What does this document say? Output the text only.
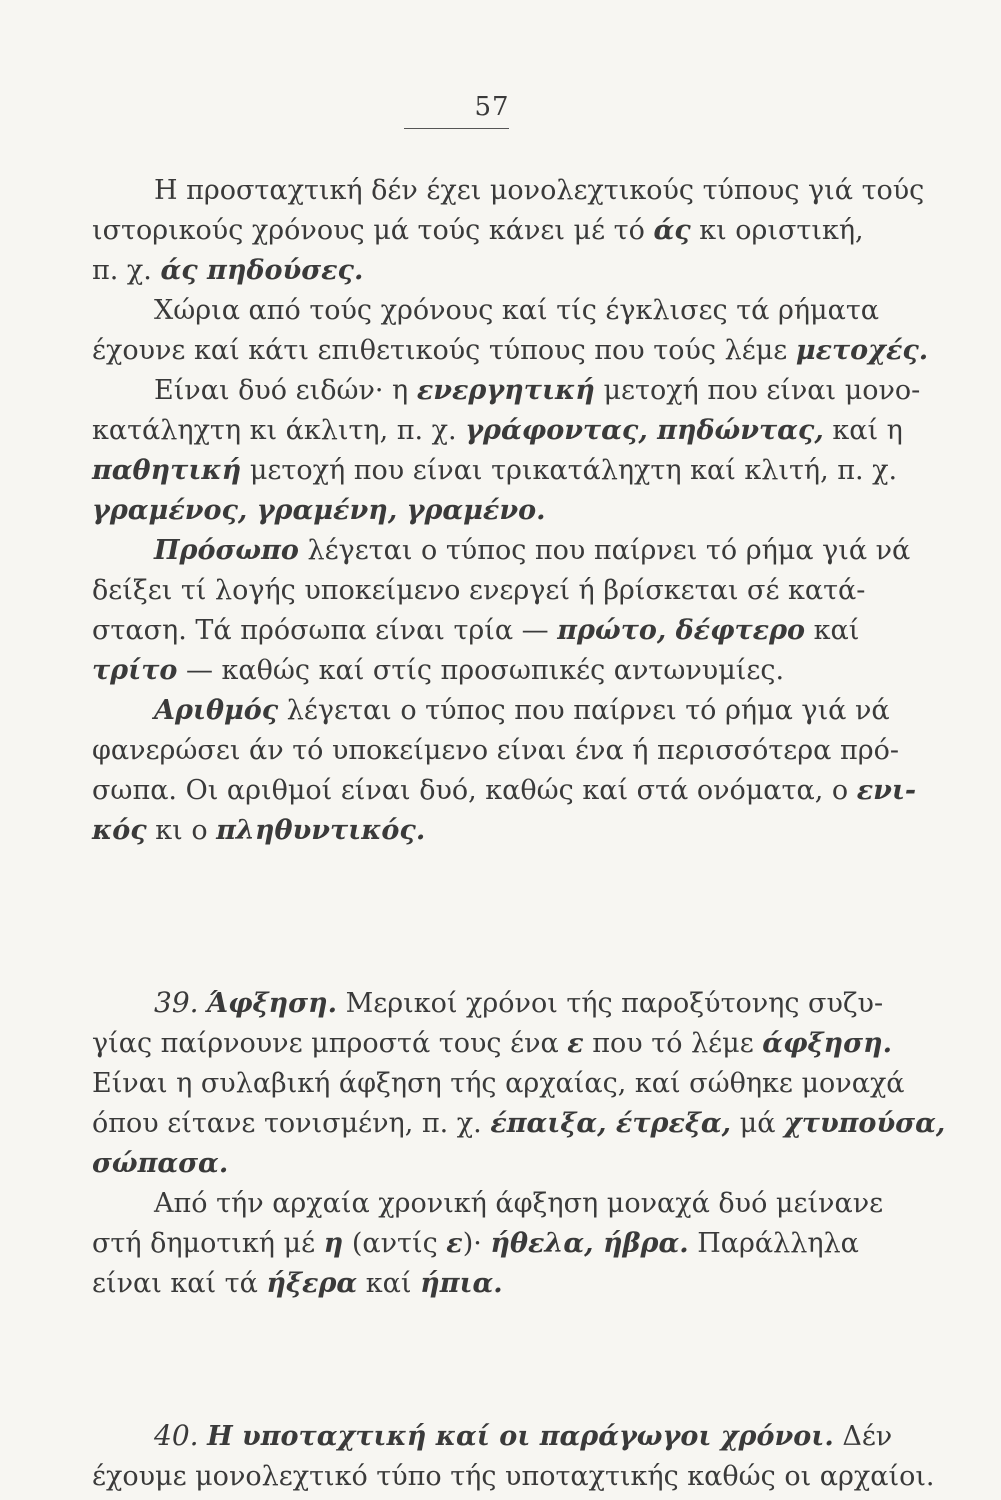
57
Η προσταχτική δέν έχει μονολεχτικούς τύπους γιά τούς
ιστορικούς χρόνους μά τούς κάνει μέ τό άς κι οριστική,
π. χ. άς πηδούσες.
Χώρια από τούς χρόνους καί τίς έγκλισες τά ρήματα
έχουνε καί κάτι επιθετικούς τύπους που τούς λέμε μετοχές.
Είναι δυό ειδών· η ενεργητική μετοχή που είναι μονο-
κατάληχτη κι άκλιτη, π. χ. γράφοντας, πηδώντας, καί η
παθητική μετοχή που είναι τρικατάληχτη καί κλιτή, π. χ.
γραμένος, γραμένη, γραμένο.
Πρόσωπο λέγεται ο τύπος που παίρνει τό ρήμα γιά νά
δείξει τί λογής υποκείμενο ενεργεί ή βρίσκεται σέ κατά-
σταση. Τά πρόσωπα είναι τρία — πρώτο, δέφτερο καί
τρίτο — καθώς καί στίς προσωπικές αντωνυμίες.
Αριθμός λέγεται ο τύπος που παίρνει τό ρήμα γιά νά
φανερώσει άν τό υποκείμενο είναι ένα ή περισσότερα πρό-
σωπα. Οι αριθμοί είναι δυό, καθώς καί στά ονόματα, ο ενι-
κός κι ο πληθυντικός.
39. Άφξηση. Μερικοί χρόνοι τής παροξύτονης συζυ-
γίας παίρνουνε μπροστά τους ένα ε που τό λέμε άφξηση.
Είναι η συλαβική άφξηση τής αρχαίας, καί σώθηκε μοναχά
όπου είτανε τονισμένη, π. χ. έπαιξα, έτρεξα, μά χτυπούσα,
σώπασα.
Από τήν αρχαία χρονική άφξηση μοναχά δυό μείνανε
στή δημοτική μέ η (αντίς ε)· ήθελα, ήβρα. Παράλληλα
είναι καί τά ήξερα καί ήπια.
40. Η υποταχτική καί οι παράγωγοι χρόνοι. Δέν
έχουμε μονολεχτικό τύπο τής υποταχτικής καθώς οι αρχαίοι.
